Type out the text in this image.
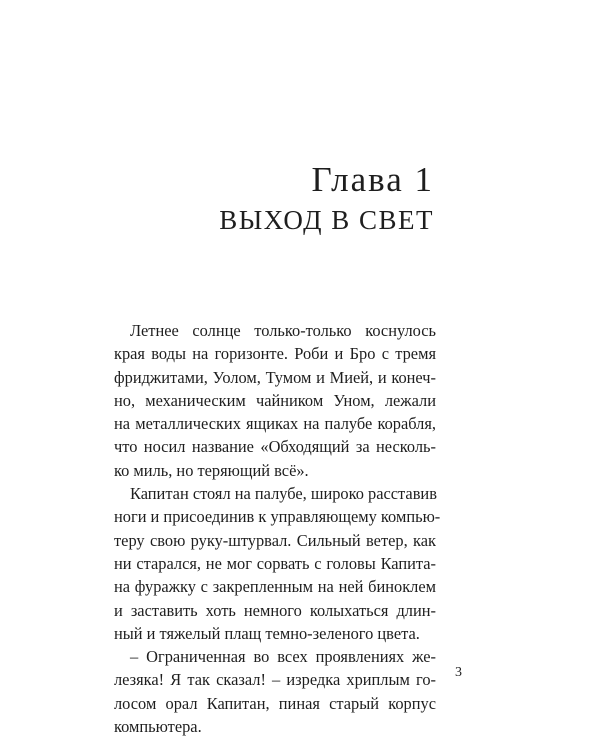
Глава 1
ВЫХОД В СВЕТ
Летнее солнце только-только коснулось
края воды на горизонте. Роби и Бро с тремя
фриджитами, Уолом, Тумом и Мией, и конеч-
но, механическим чайником Уном, лежали
на металлических ящиках на палубе корабля,
что носил название «Обходящий за несколь-
ко миль, но теряющий всё».
Капитан стоял на палубе, широко расставив
ноги и присоединив к управляющему компью-
теру свою руку-штурвал. Сильный ветер, как
ни старался, не мог сорвать с головы Капита-
на фуражку с закрепленным на ней биноклем
и заставить хоть немного колыхаться длин-
ный и тяжелый плащ темно-зеленого цвета.
– Ограниченная во всех проявлениях же-
лезяка! Я так сказал! – изредка хриплым го-
лосом орал Капитан, пиная старый корпус
компьютера.
3
